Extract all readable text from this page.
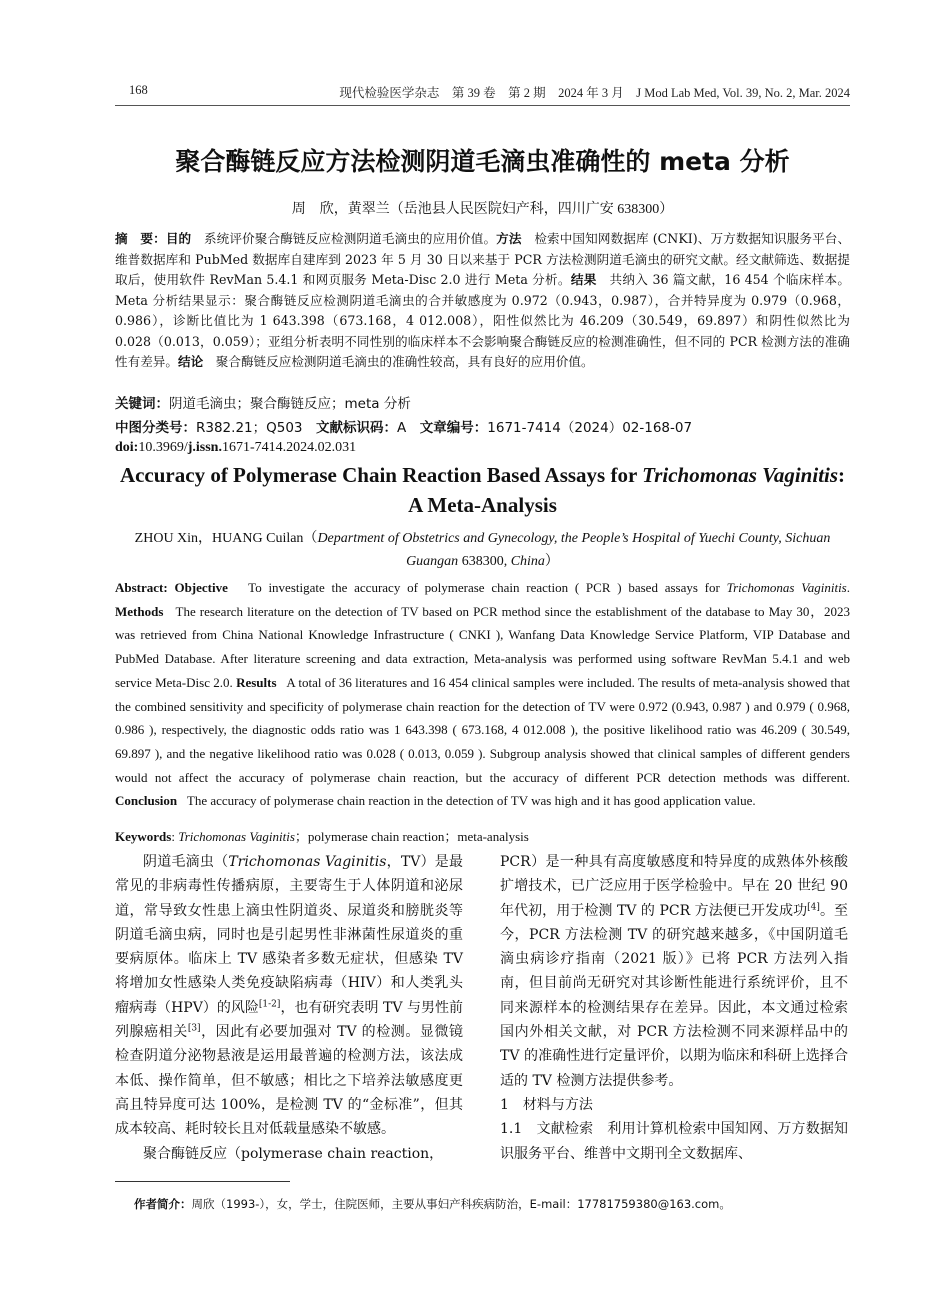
168	现代检验医学杂志　第 39 卷　第 2 期　2024 年 3 月　J Mod Lab Med, Vol. 39, No. 2, Mar. 2024
聚合酶链反应方法检测阴道毛滴虫准确性的 meta 分析
周　欣，黄翠兰（岳池县人民医院妇产科，四川广安 638300）
摘　要：目的　 系统评价聚合酶链反应检测阴道毛滴虫的应用价值。方法　 检索中国知网数据库 (CNKI)、万方数据知识服务平台、维普数据库和 PubMed 数据库自建库到 2023 年 5 月 30 日以来基于 PCR 方法检测阴道毛滴虫的研究文献。经文献筛选、数据提取后，使用软件 RevMan 5.4.1 和网页服务 Meta-Disc 2.0 进行 Meta 分析。结果　 共纳入 36 篇文献，16 454 个临床样本。Meta 分析结果显示：聚合酶链反应检测阴道毛滴虫的合并敏感度为 0.972（0.943，0.987），合并特异度为 0.979（0.968，0.986），诊断比值比为 1 643.398（673.168，4 012.008），阳性似然比为 46.209（30.549，69.897）和阴性似然比为 0.028（0.013，0.059）；亚组分析表明不同性别的临床样本不会影响聚合酶链反应的检测准确性，但不同的 PCR 检测方法的准确性有差异。结论　 聚合酶链反应检测阴道毛滴虫的准确性较高，具有良好的应用价值。
关键词：阴道毛滴虫；聚合酶链反应；meta 分析
中图分类号：R382.21；Q503　 文献标识码：A　 文章编号：1671-7414（2024）02-168-07
doi:10.3969/j.issn.1671-7414.2024.02.031
Accuracy of Polymerase Chain Reaction Based Assays for Trichomonas Vaginitis: A Meta-Analysis
ZHOU Xin，HUANG Cuilan（Department of Obstetrics and Gynecology, the People’s Hospital of Yuechi County, Sichuan Guangan 638300, China）
Abstract: Objective To investigate the accuracy of polymerase chain reaction ( PCR ) based assays for Trichomonas Vaginitis. Methods The research literature on the detection of TV based on PCR method since the establishment of the database to May 30，2023 was retrieved from China National Knowledge Infrastructure ( CNKI ), Wanfang Data Knowledge Service Platform, VIP Database and PubMed Database. After literature screening and data extraction, Meta-analysis was performed using software RevMan 5.4.1 and web service Meta-Disc 2.0. Results A total of 36 literatures and 16 454 clinical samples were included. The results of meta-analysis showed that the combined sensitivity and specificity of polymerase chain reaction for the detection of TV were 0.972 (0.943, 0.987 ) and 0.979 ( 0.968, 0.986 ), respectively, the diagnostic odds ratio was 1 643.398 ( 673.168, 4 012.008 ), the positive likelihood ratio was 46.209 ( 30.549, 69.897 ), and the negative likelihood ratio was 0.028 ( 0.013, 0.059 ). Subgroup analysis showed that clinical samples of different genders would not affect the accuracy of polymerase chain reaction, but the accuracy of different PCR detection methods was different. Conclusion The accuracy of polymerase chain reaction in the detection of TV was high and it has good application value.
Keywords: Trichomonas Vaginitis；polymerase chain reaction；meta-analysis

阴道毛滴虫（Trichomonas Vaginitis，TV）是最常见的非病毒性传播病原，主要寄生于人体阴道和泌尿道，常导致女性患上滴虫性阴道炎、尿道炎和膀胱炎等阴道毛滴虫病，同时也是引起男性非淋菌性尿道炎的重要病原体。临床上 TV 感染者多数无症状，但感染 TV 将增加女性感染人类免疫缺陷病毒（HIV）和人类乳头瘤病毒（HPV）的风险[1-2]，也有研究表明 TV 与男性前列腺癌相关[3]，因此有必要加强对 TV 的检测。显微镜检查阴道分泌物悬液是运用最普遍的检测方法，该法成本低、操作简单，但不敏感；相比之下培养法敏感度更高且特异度可达 100%，是检测 TV 的“金标准”，但其成本较高、耗时较长且对低载量感染不敏感。

聚合酶链反应（polymerase chain reaction，

PCR）是一种具有高度敏感度和特异度的成熟体外核酸扩增技术，已广泛应用于医学检验中。早在 20 世纪 90 年代初，用于检测 TV 的 PCR 方法便已开发成功[4]。至今，PCR 方法检测 TV 的研究越来越多，《中国阴道毛滴虫病诊疗指南（2021 版）》已将 PCR 方法列入指南，但目前尚无研究对其诊断性能进行系统评价，且不同来源样本的检测结果存在差异。因此，本文通过检索国内外相关文献，对 PCR 方法检测不同来源样品中的 TV 的准确性进行定量评价，以期为临床和科研上选择合适的 TV 检测方法提供参考。

1　材料与方法

1.1　文献检索　 利用计算机检索中国知网、万方数据知识服务平台、维普中文期刊全文数据库、

作者简介：周欣（1993-），女，学士，住院医师，主要从事妇产科疾病防治，E-mail：17781759380@163.com。
